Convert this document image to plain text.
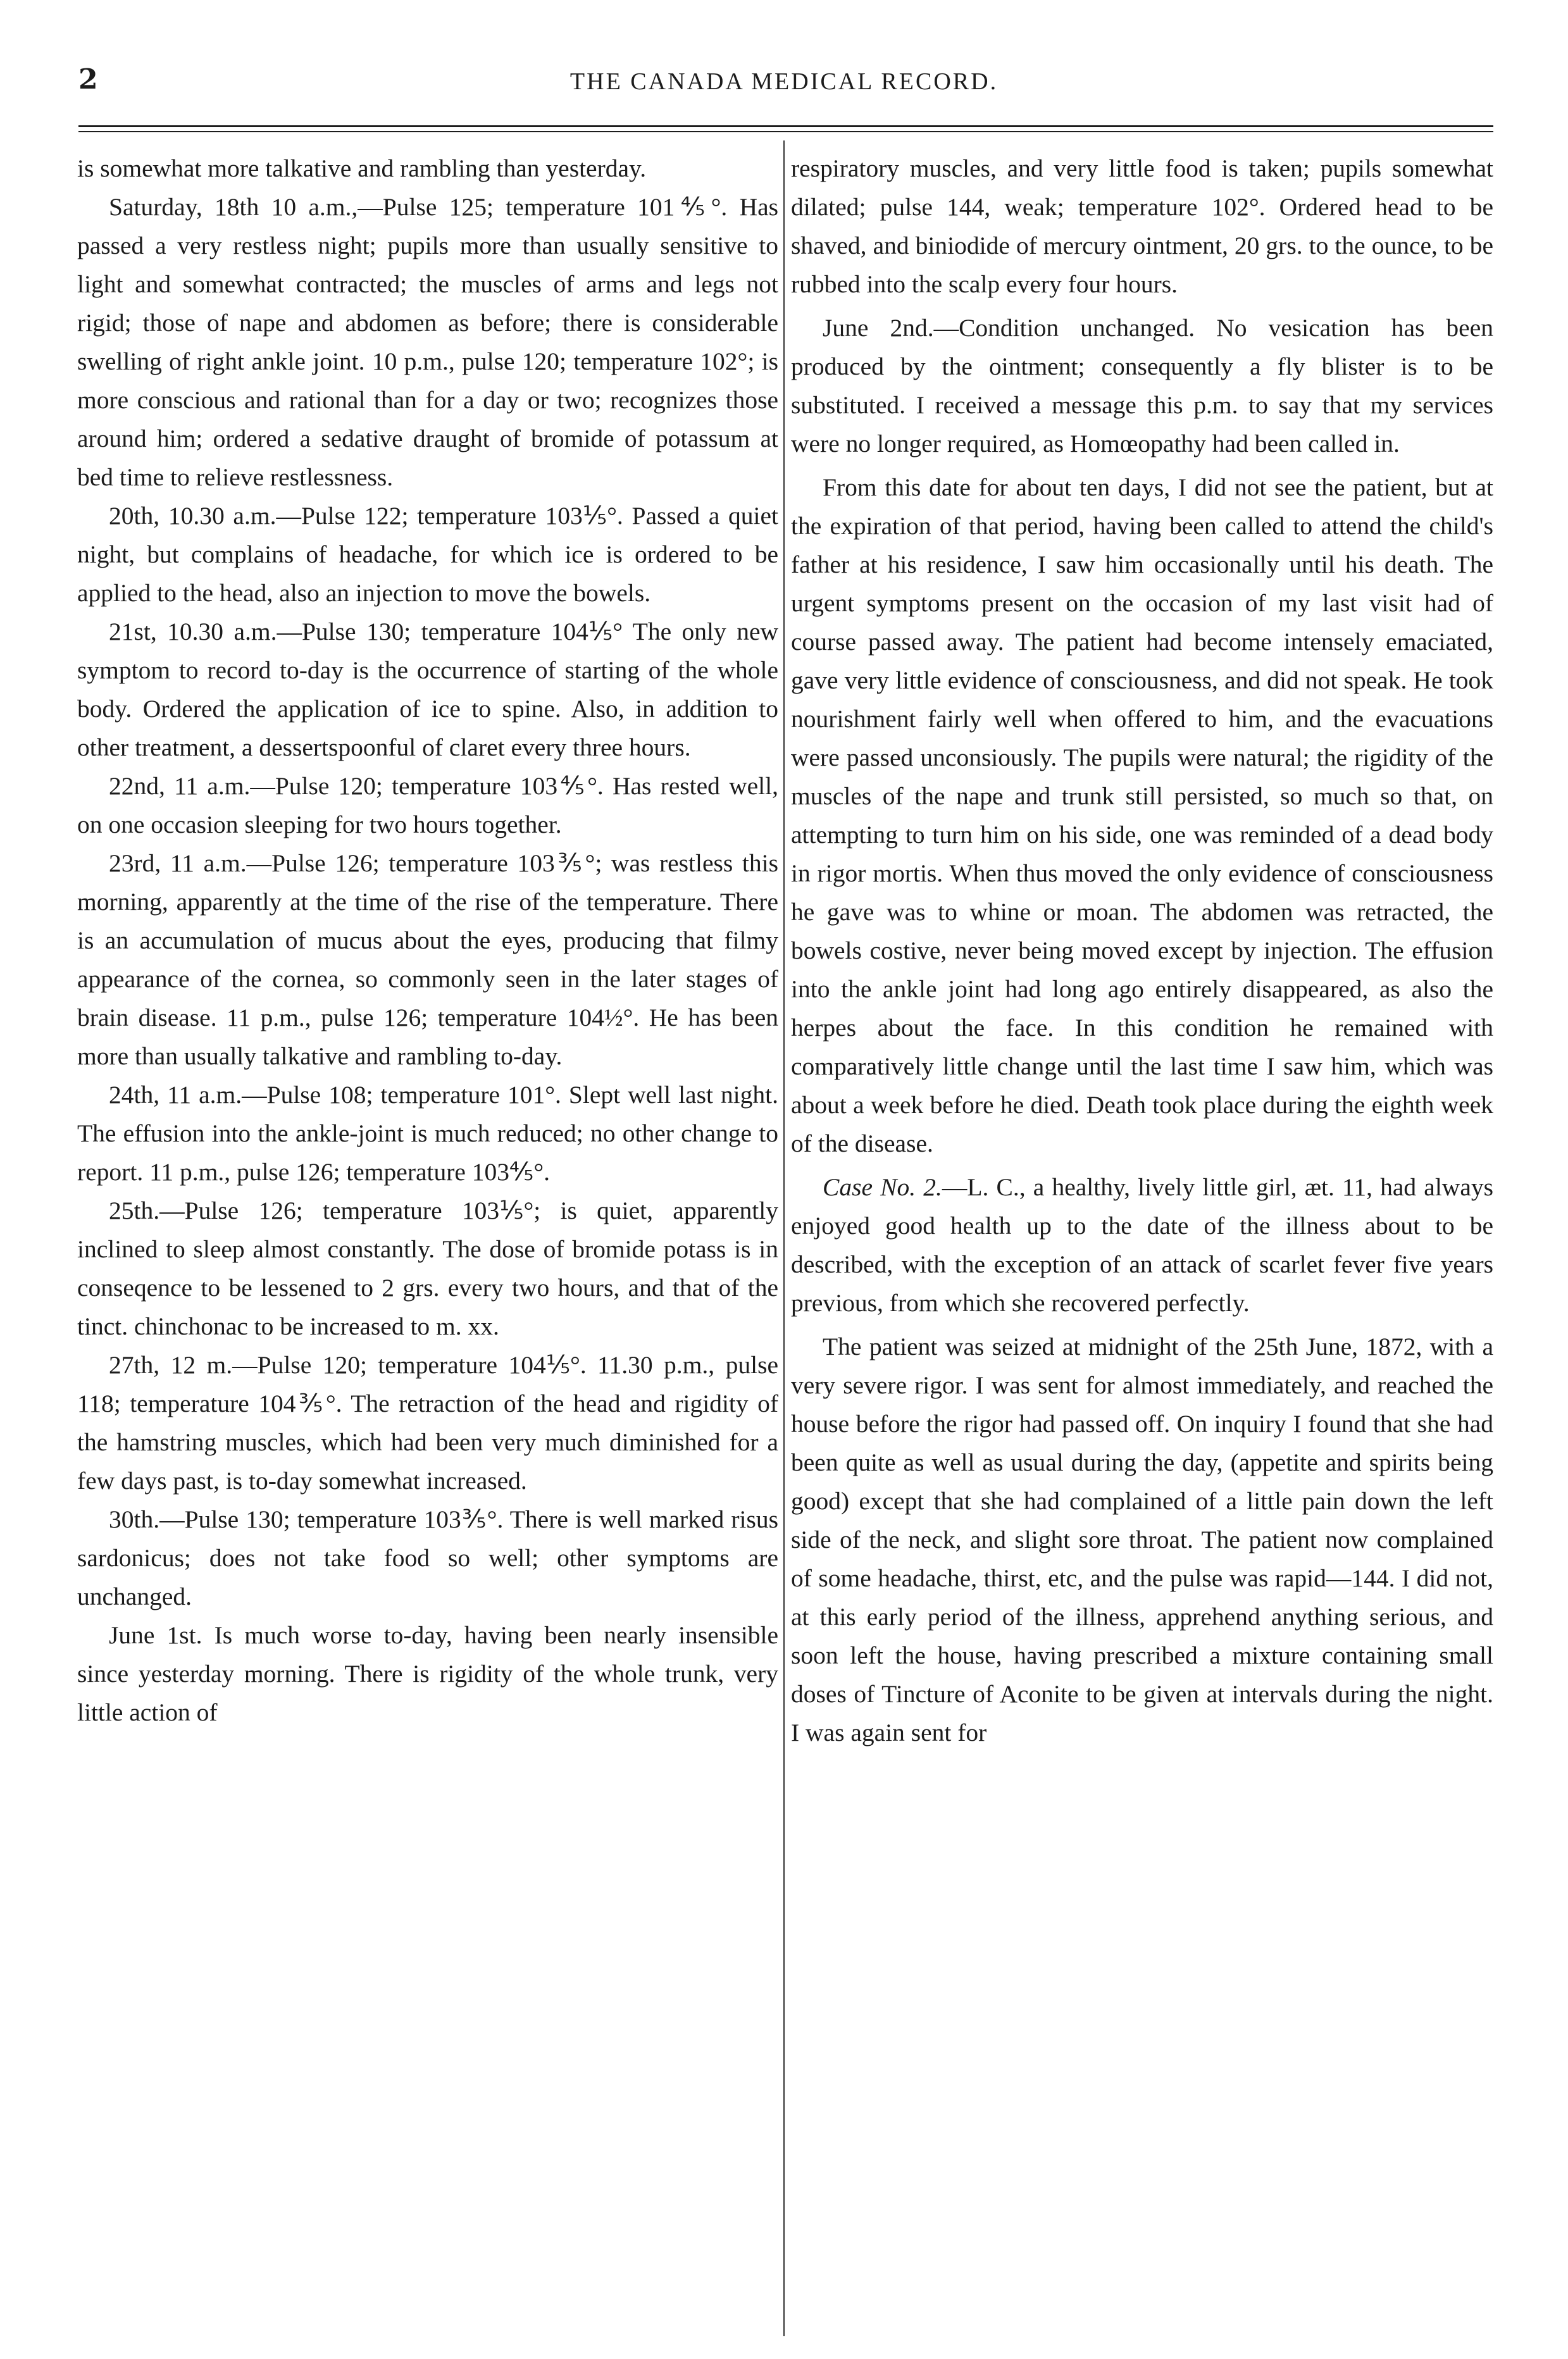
2	THE CANADA MEDICAL RECORD.

is somewhat more talkative and rambling than yesterday.

Saturday, 18th 10 a.m.,—Pulse 125; temperature 101⅘°. Has passed a very restless night; pupils more than usually sensitive to light and somewhat contracted; the muscles of arms and legs not rigid; those of nape and abdomen as before; there is considerable swelling of right ankle joint. 10 p.m., pulse 120; temperature 102°; is more conscious and rational than for a day or two; recognizes those around him; ordered a sedative draught of bromide of potassum at bed time to relieve restlessness.

20th, 10.30 a.m.—Pulse 122; temperature 103⅕°. Passed a quiet night, but complains of headache, for which ice is ordered to be applied to the head, also an injection to move the bowels.

21st, 10.30 a.m.—Pulse 130; temperature 104⅕° The only new symptom to record to-day is the occurrence of starting of the whole body. Ordered the application of ice to spine. Also, in addition to other treatment, a dessertspoonful of claret every three hours.

22nd, 11 a.m.—Pulse 120; temperature 103⅘°. Has rested well, on one occasion sleeping for two hours together.

23rd, 11 a.m.—Pulse 126; temperature 103⅗°; was restless this morning, apparently at the time of the rise of the temperature. There is an accumulation of mucus about the eyes, producing that filmy appearance of the cornea, so commonly seen in the later stages of brain disease. 11 p.m., pulse 126; temperature 104½°. He has been more than usually talkative and rambling to-day.

24th, 11 a.m.—Pulse 108; temperature 101°. Slept well last night. The effusion into the ankle-joint is much reduced; no other change to report. 11 p.m., pulse 126; temperature 103⅘°.

25th.—Pulse 126; temperature 103⅕°; is quiet, apparently inclined to sleep almost constantly. The dose of bromide potass is in conseqence to be lessened to 2 grs. every two hours, and that of the tinct. chinchonac to be increased to m. xx.

27th, 12 m.—Pulse 120; temperature 104⅕°. 11.30 p.m., pulse 118; temperature 104⅗°. The retraction of the head and rigidity of the hamstring muscles, which had been very much diminished for a few days past, is to-day somewhat increased.

30th.—Pulse 130; temperature 103⅗°. There is well marked risus sardonicus; does not take food so well; other symptoms are unchanged.

June 1st. Is much worse to-day, having been nearly insensible since yesterday morning. There is rigidity of the whole trunk, very little action of

respiratory muscles, and very little food is taken; pupils somewhat dilated; pulse 144, weak; temperature 102°. Ordered head to be shaved, and biniodide of mercury ointment, 20 grs. to the ounce, to be rubbed into the scalp every four hours.

June 2nd.—Condition unchanged. No vesication has been produced by the ointment; consequently a fly blister is to be substituted. I received a message this p.m. to say that my services were no longer required, as Homœopathy had been called in.

From this date for about ten days, I did not see the patient, but at the expiration of that period, having been called to attend the child's father at his residence, I saw him occasionally until his death. The urgent symptoms present on the occasion of my last visit had of course passed away. The patient had become intensely emaciated, gave very little evidence of consciousness, and did not speak. He took nourishment fairly well when offered to him, and the evacuations were passed unconsiously. The pupils were natural; the rigidity of the muscles of the nape and trunk still persisted, so much so that, on attempting to turn him on his side, one was reminded of a dead body in rigor mortis. When thus moved the only evidence of consciousness he gave was to whine or moan. The abdomen was retracted, the bowels costive, never being moved except by injection. The effusion into the ankle joint had long ago entirely disappeared, as also the herpes about the face. In this condition he remained with comparatively little change until the last time I saw him, which was about a week before he died. Death took place during the eighth week of the disease.

Case No. 2.—L. C., a healthy, lively little girl, æt. 11, had always enjoyed good health up to the date of the illness about to be described, with the exception of an attack of scarlet fever five years previous, from which she recovered perfectly.

The patient was seized at midnight of the 25th June, 1872, with a very severe rigor. I was sent for almost immediately, and reached the house before the rigor had passed off. On inquiry I found that she had been quite as well as usual during the day, (appetite and spirits being good) except that she had complained of a little pain down the left side of the neck, and slight sore throat. The patient now complained of some headache, thirst, etc, and the pulse was rapid—144. I did not, at this early period of the illness, apprehend anything serious, and soon left the house, having prescribed a mixture containing small doses of Tincture of Aconite to be given at intervals during the night. I was again sent for
